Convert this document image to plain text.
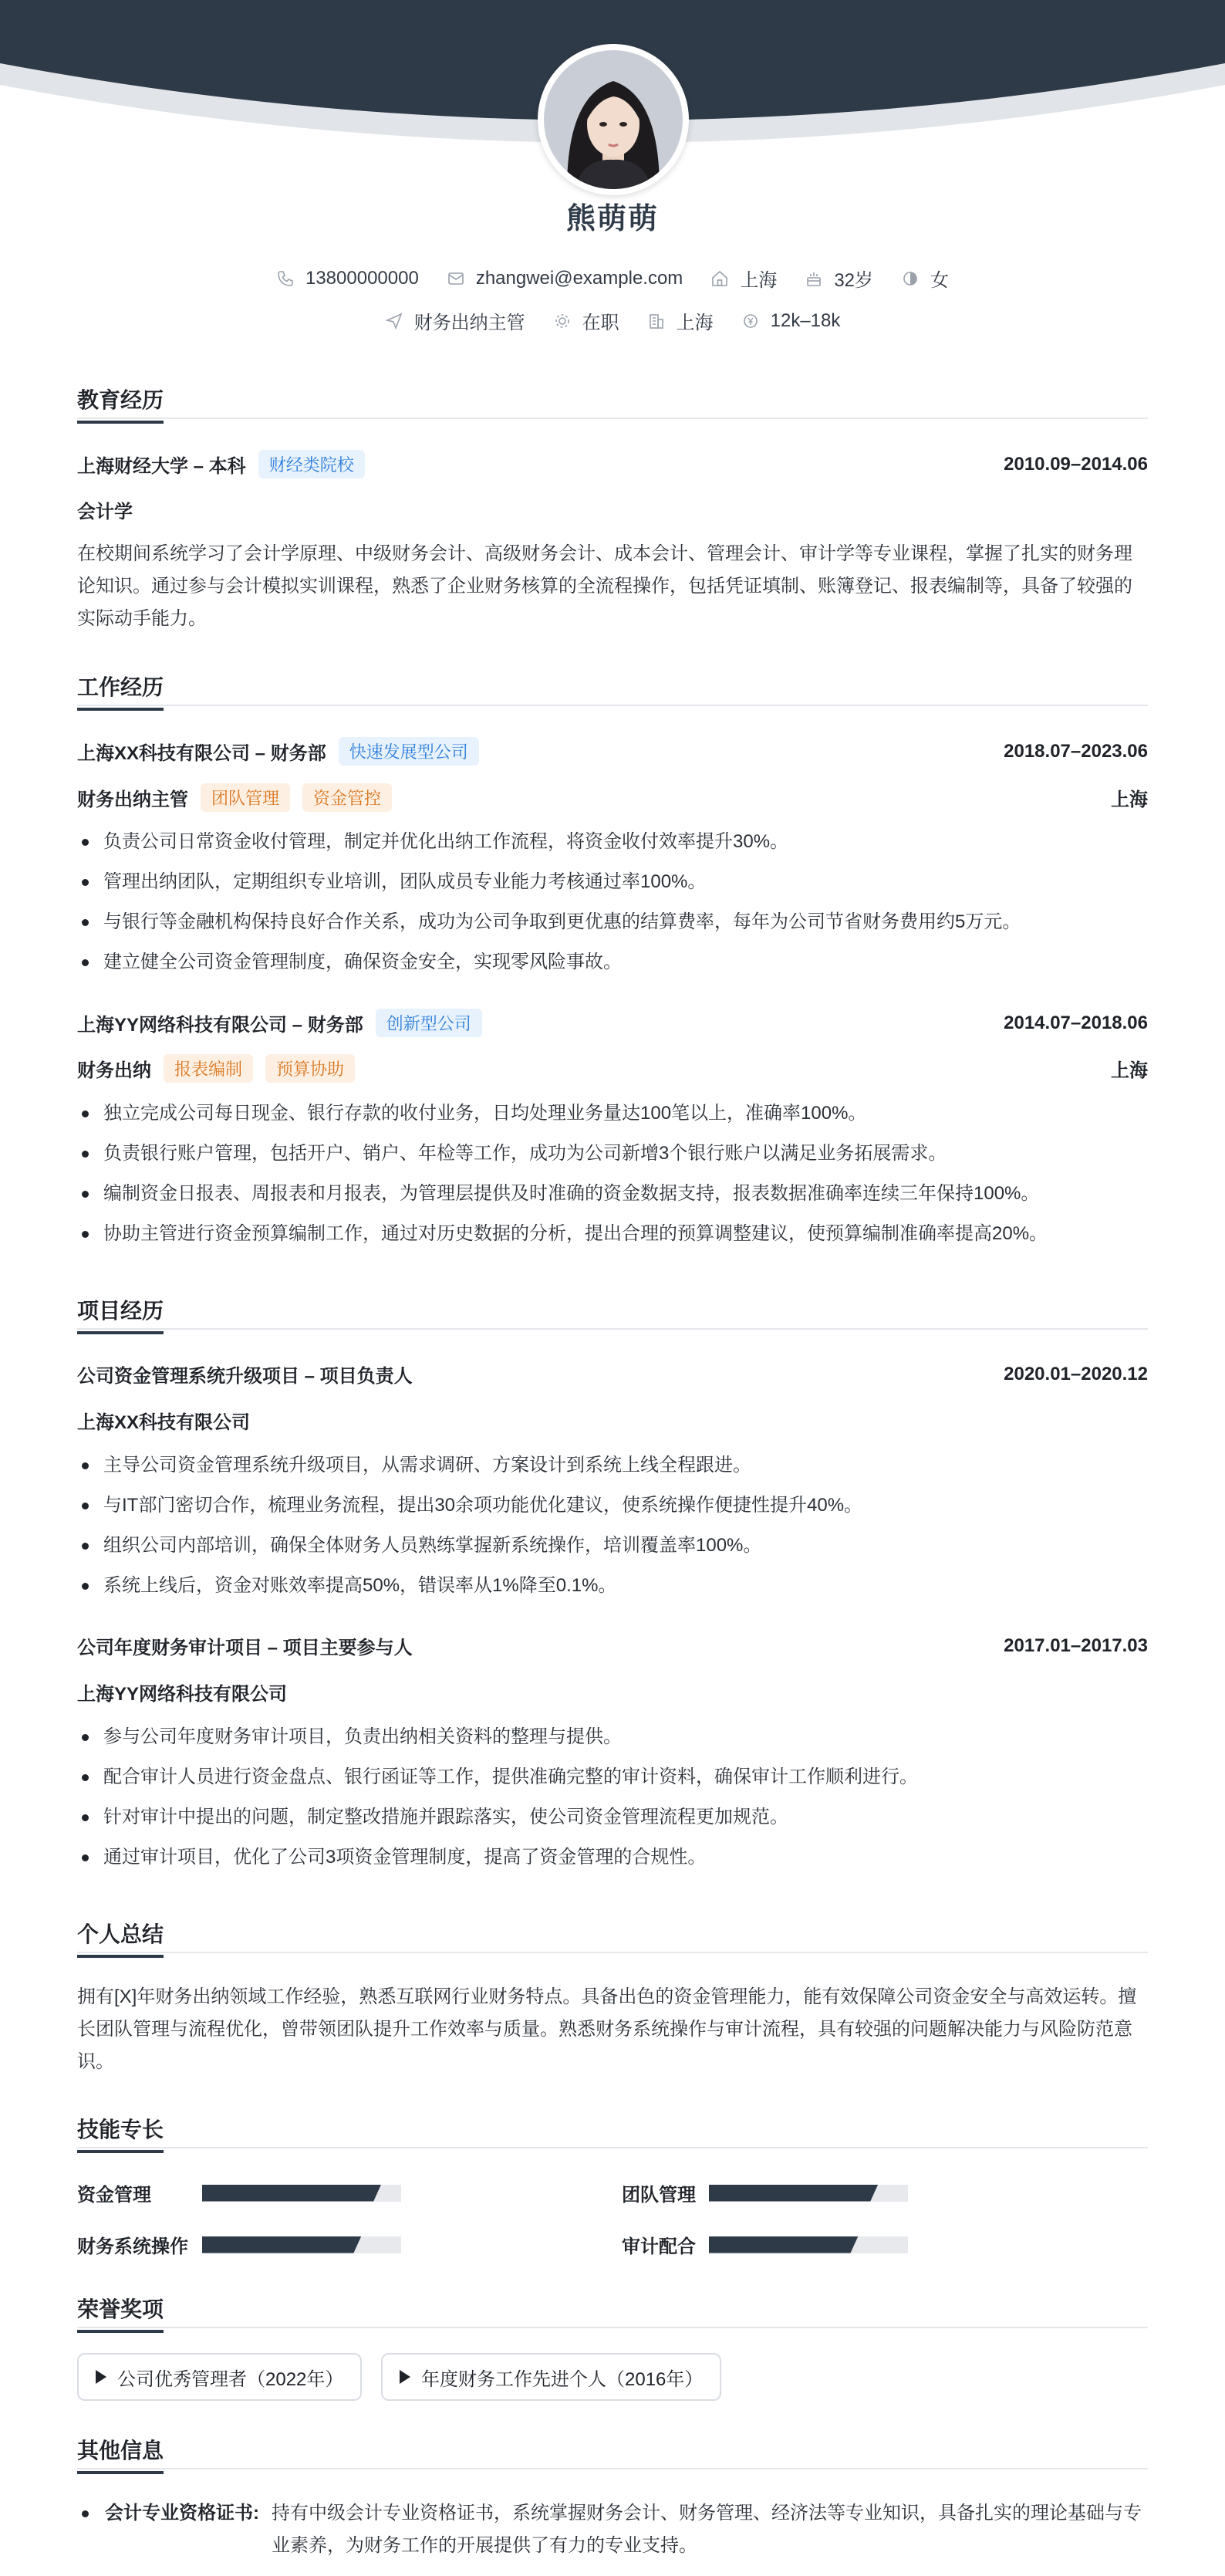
熊萌萌
13800000000	zhangwei@example.com	上海	32岁	女
财务出纳主管	在职	上海	12k–18k
教育经历
上海财经大学 – 本科	财经类院校	2010.09–2014.06
会计学
在校期间系统学习了会计学原理、中级财务会计、高级财务会计、成本会计、管理会计、审计学等专业课程，掌握了扎实的财务理论知识。通过参与会计模拟实训课程，熟悉了企业财务核算的全流程操作，包括凭证填制、账簿登记、报表编制等，具备了较强的实际动手能力。
工作经历
上海XX科技有限公司 – 财务部	快速发展型公司	2018.07–2023.06
财务出纳主管	团队管理	资金管控	上海
负责公司日常资金收付管理，制定并优化出纳工作流程，将资金收付效率提升30%。
管理出纳团队，定期组织专业培训，团队成员专业能力考核通过率100%。
与银行等金融机构保持良好合作关系，成功为公司争取到更优惠的结算费率，每年为公司节省财务费用约5万元。
建立健全公司资金管理制度，确保资金安全，实现零风险事故。
上海YY网络科技有限公司 – 财务部	创新型公司	2014.07–2018.06
财务出纳	报表编制	预算协助	上海
独立完成公司每日现金、银行存款的收付业务，日均处理业务量达100笔以上，准确率100%。
负责银行账户管理，包括开户、销户、年检等工作，成功为公司新增3个银行账户以满足业务拓展需求。
编制资金日报表、周报表和月报表，为管理层提供及时准确的资金数据支持，报表数据准确率连续三年保持100%。
协助主管进行资金预算编制工作，通过对历史数据的分析，提出合理的预算调整建议，使预算编制准确率提高20%。
项目经历
公司资金管理系统升级项目 – 项目负责人	2020.01–2020.12
上海XX科技有限公司
主导公司资金管理系统升级项目，从需求调研、方案设计到系统上线全程跟进。
与IT部门密切合作，梳理业务流程，提出30余项功能优化建议，使系统操作便捷性提升40%。
组织公司内部培训，确保全体财务人员熟练掌握新系统操作，培训覆盖率100%。
系统上线后，资金对账效率提高50%，错误率从1%降至0.1%。
公司年度财务审计项目 – 项目主要参与人	2017.01–2017.03
上海YY网络科技有限公司
参与公司年度财务审计项目，负责出纳相关资料的整理与提供。
配合审计人员进行资金盘点、银行函证等工作，提供准确完整的审计资料，确保审计工作顺利进行。
针对审计中提出的问题，制定整改措施并跟踪落实，使公司资金管理流程更加规范。
通过审计项目，优化了公司3项资金管理制度，提高了资金管理的合规性。
个人总结
拥有[X]年财务出纳领域工作经验，熟悉互联网行业财务特点。具备出色的资金管理能力，能有效保障公司资金安全与高效运转。擅长团队管理与流程优化，曾带领团队提升工作效率与质量。熟悉财务系统操作与审计流程，具有较强的问题解决能力与风险防范意识。
技能专长
资金管理	团队管理
财务系统操作	审计配合
荣誉奖项
公司优秀管理者（2022年）	年度财务工作先进个人（2016年）
其他信息
会计专业资格证书: 持有中级会计专业资格证书，系统掌握财务会计、财务管理、经济法等专业知识，具备扎实的理论基础与专业素养，为财务工作的开展提供了有力的专业支持。
